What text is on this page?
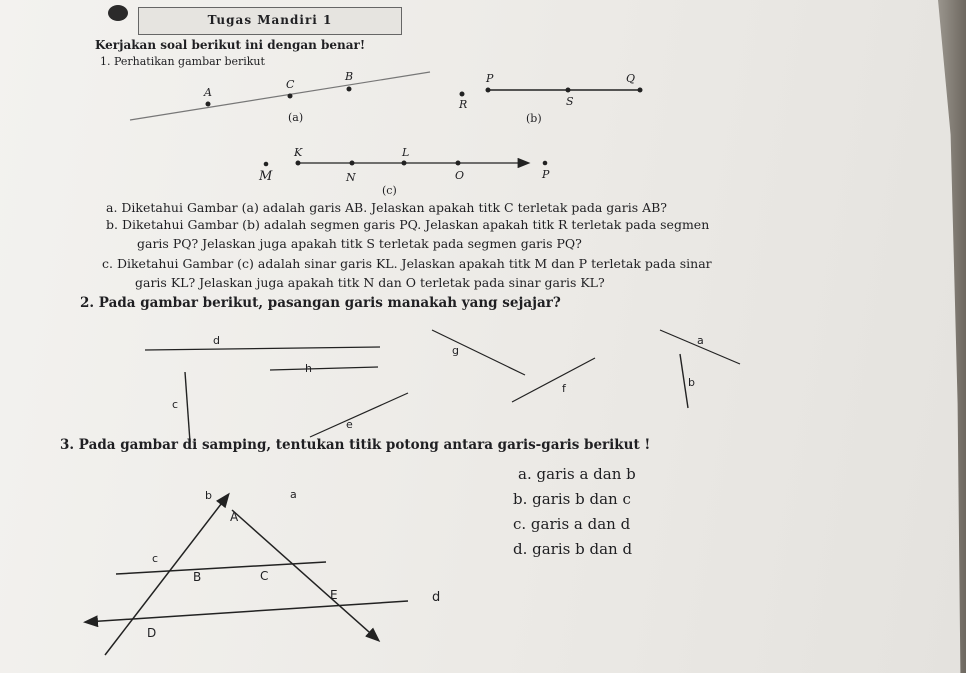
Tugas Mandiri 1
Kerjakan soal berikut ini dengan benar!
1. Perhatikan gambar berikut
A
C
B
(a)
P	Q
R	S
(b)
K	L
M	N	O	P
(c)
a. Diketahui Gambar (a) adalah garis AB. Jelaskan apakah titk C terletak pada garis AB?
b. Diketahui Gambar (b) adalah segmen garis PQ. Jelaskan apakah titk R terletak pada segmen
garis PQ? Jelaskan juga apakah titk S terletak pada segmen garis PQ?
c. Diketahui Gambar (c) adalah sinar garis KL. Jelaskan apakah titk M dan P terletak pada sinar
garis KL? Jelaskan juga apakah titk N dan O terletak pada sinar garis KL?
2. Pada gambar berikut, pasangan garis manakah yang sejajar?
d
h
c
e
g
f
a
b
3. Pada gambar di samping, tentukan titik potong antara garis-garis berikut !
a. garis a dan b
b. garis b dan c
c. garis a dan d
d. garis b dan d
b	a
A
c
B	C
E	d
D
